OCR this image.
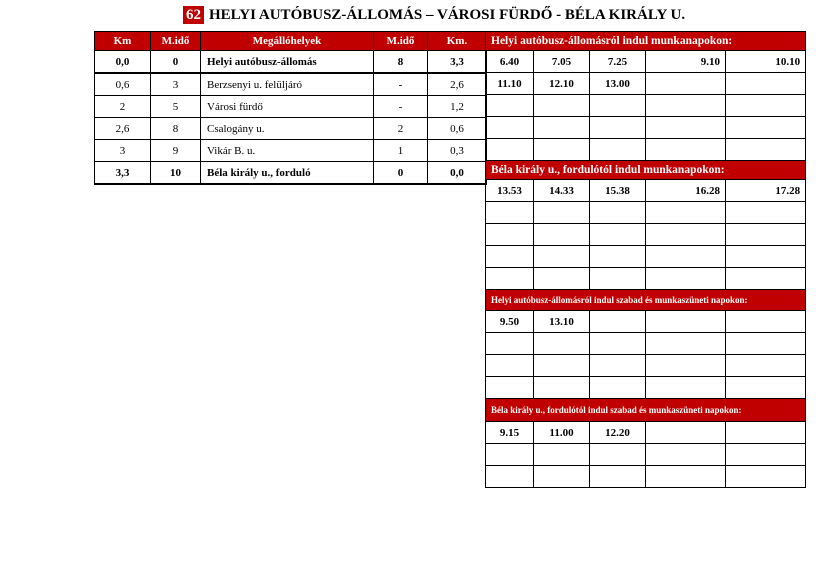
62 HELYI AUTÓBUSZ-ÁLLOMÁS – VÁROSI FÜRDŐ - BÉLA KIRÁLY U.
Km	M.idő	Megállóhelyek	M.idő	Km.
0,0	0	Helyi autóbusz-állomás	8	3,3
0,6	3	Berzsenyi u. felüljáró	-	2,6
2	5	Városi fürdő	-	1,2
2,6	8	Csalogány u.	2	0,6
3	9	Vikár B. u.	1	0,3
3,3	10	Béla király u., forduló	0	0,0
Helyi autóbusz-állomásról indul munkanapokon:				
6.40	7.05	7.25	9.10	10.10
11.10	12.10	13.00		

Béla király u., fordulótól indul munkanapokon:				
13.53	14.33	15.38	16.28	17.28

Helyi autóbusz-állomásról indul szabad és munkaszüneti napokon:				
9.50	13.10			

Béla király u., fordulótól indul szabad és munkaszüneti napokon:				
9.15	11.00	12.20		
